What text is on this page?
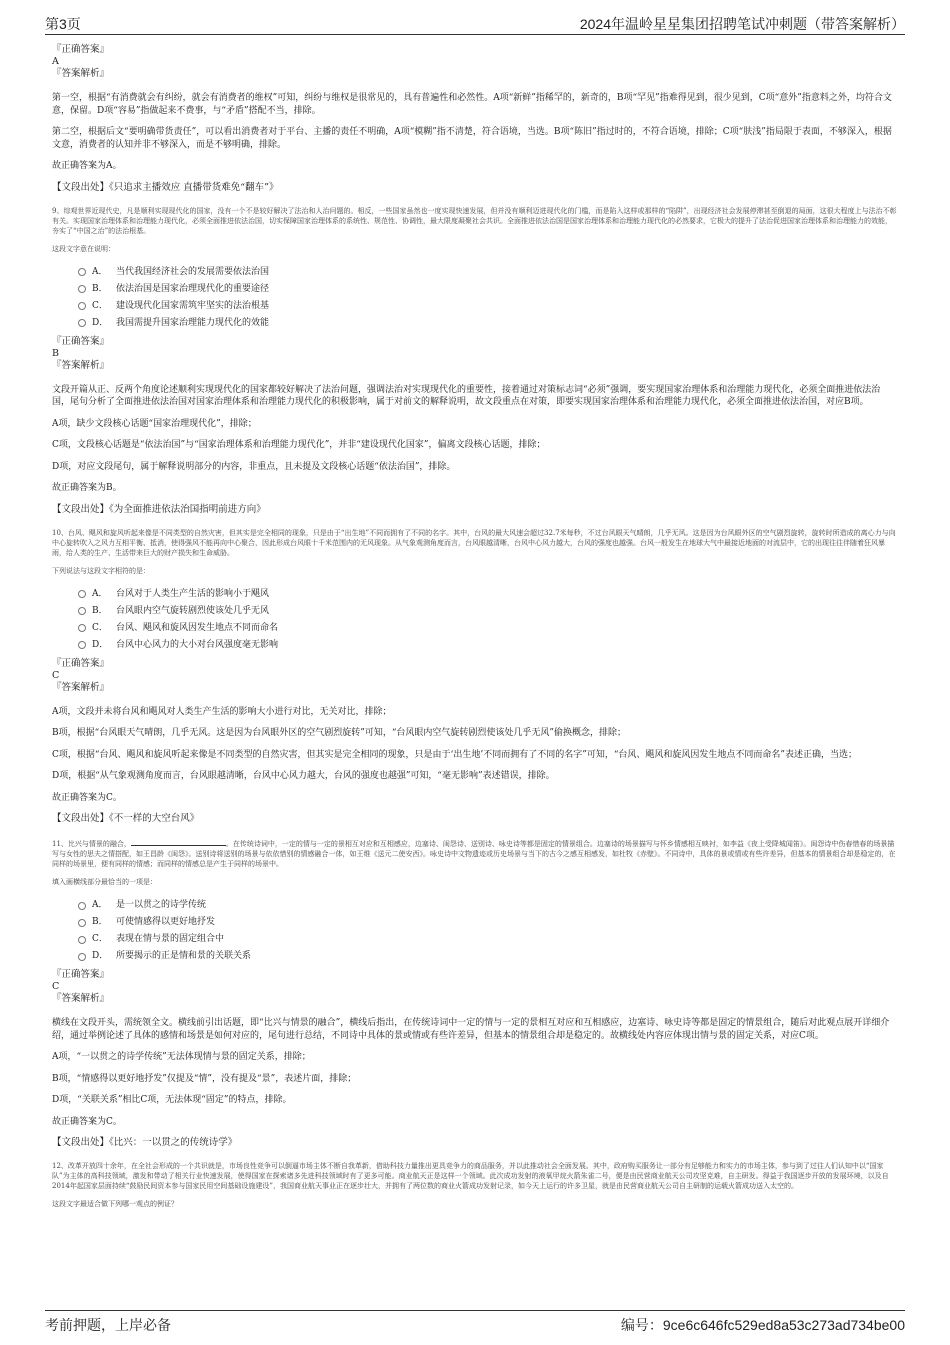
第3页	2024年温岭星星集团招聘笔试冲刺题（带答案解析）

『正确答案』

A

『答案解析』

第一空，根据“有消费就会有纠纷，就会有消费者的维权”可知，纠纷与维权是很常见的，具有普遍性和必然性。A项“新鲜”指稀罕的，新奇的，B项“罕见”指难得见到，很少见到，C项“意外”指意料之外，均符合文意，保留。D项“容易”指做起来不费事，与“矛盾”搭配不当，排除。

第二空，根据后文“要明确带货责任”，可以看出消费者对于平台、主播的责任不明确，A项“模糊”指不清楚，符合语境，当选。B项“陈旧”指过时的，不符合语境，排除；C项“肤浅”指局限于表面，不够深入，根据文意，消费者的认知并非不够深入，而是不够明确，排除。

故正确答案为A。

【文段出处】《只追求主播效应 直播带货难免“翻车”》

9、综观世界近现代史，凡是顺利实现现代化的国家，没有一个不是较好解决了法治和人治问题的。相反，一些国家虽然也一度实现快速发展，但并没有顺利迈进现代化的门槛，而是陷入这样或那样的“陷阱”，出现经济社会发展停滞甚至倒退的局面，这很大程度上与法治不彰有关。实现国家治理体系和治理能力现代化，必须全面推进依法治国，切实保障国家治理体系的系统性、规范性、协调性，最大限度凝聚社会共识。全面推进依法治国是国家治理体系和治理能力现代化的必然要求，它极大的提升了法治促进国家治理体系和治理能力的效能，夯实了“中国之治”的法治根基。

这段文字意在说明：

A． 当代我国经济社会的发展需要依法治国
B． 依法治国是国家治理现代化的重要途径
C． 建设现代化国家需筑牢坚实的法治根基
D． 我国需提升国家治理能力现代化的效能

『正确答案』

B

『答案解析』

文段开篇从正、反两个角度论述顺利实现现代化的国家都较好解决了法治问题，强调法治对实现现代化的重要性，接着通过对策标志词“必须”强调，要实现国家治理体系和治理能力现代化，必须全面推进依法治国，尾句分析了全面推进依法治国对国家治理体系和治理能力现代化的积极影响，属于对前文的解释说明，故文段重点在对策，即要实现国家治理体系和治理能力现代化，必须全面推进依法治国，对应B项。

A项，缺少文段核心话题“国家治理现代化”，排除；

C项，文段核心话题是“依法治国”与“国家治理体系和治理能力现代化”，并非“建设现代化国家”，偏离文段核心话题，排除；

D项，对应文段尾句，属于解释说明部分的内容，非重点，且未提及文段核心话题“依法治国”，排除。

故正确答案为B。

【文段出处】《为全面推进依法治国指明前进方向》

10、台风、飓风和旋风听起来像是不同类型的自然灾害，但其实是完全相同的现象，只是由于“出生地”不同而拥有了不同的名字。其中，台风的最大风速会超过32.7米每秒，不过台风眼天气晴朗，几乎无风。这是因为台风眼外区的空气剧烈旋转，旋转时所造成的离心力与向中心旋转吹入之风力互相平衡、抵消，使得强风不能再向中心聚合，因此形成台风眼十千米范围内的无风现象。从气象观测角度而言，台风眼越清晰，台风中心风力越大，台风的强度也越强。台风一般发生在地球大气中最接近地面的对流层中，它的出现往往伴随着狂风暴雨，给人类的生产、生活带来巨大的财产损失和生命威胁。

下列说法与这段文字相符的是：

A． 台风对于人类生产生活的影响小于飓风
B． 台风眼内空气旋转剧烈使该处几乎无风
C． 台风、飓风和旋风因发生地点不同而命名
D． 台风中心风力的大小对台风强度毫无影响

『正确答案』

C

『答案解析』

A项，文段并未将台风和飓风对人类生产生活的影响大小进行对比，无关对比，排除；

B项，根据“台风眼天气晴朗，几乎无风。这是因为台风眼外区的空气剧烈旋转”可知，“台风眼内空气旋转剧烈使该处几乎无风”偷换概念，排除；

C项，根据“台风、飓风和旋风听起来像是不同类型的自然灾害，但其实是完全相同的现象，只是由于‘出生地’不同而拥有了不同的名字”可知，“台风、飓风和旋风因发生地点不同而命名”表述正确，当选；

D项，根据“从气象观测角度而言，台风眼越清晰，台风中心风力越大，台风的强度也越强”可知，“毫无影响”表述错误，排除。

故正确答案为C。

【文段出处】《不一样的大空台风》

11、比兴与情景的融合，	。在传统诗词中，一定的情与一定的景相互对应和互相感应，边塞诗、闺怨诗、送别诗、咏史诗等都是固定的情景组合。边塞诗的场景描写与怀乡情感相互映衬，如李益《夜上受降城闻笛》。闺怨诗中伤春惜春的场景描写与女性的思夫之情搭配，如王昌龄《闺怨》。送别诗将送别的场景与依依惜别的情感融合一体，如王维《送元二使安西》。咏史诗中文物遗迹或历史场景与当下的古今之感互相感发，如杜牧《赤壁》。不同诗中，具体的景或情或有些许差异，但基本的情景组合却是稳定的，在同样的场景里，便有同样的情感；而同样的情感总是产生于同样的场景中。

填入画横线部分最恰当的一项是：

A． 是一以贯之的诗学传统
B． 可使情感得以更好地抒发
C． 表现在情与景的固定组合中
D． 所要揭示的正是情和景的关联关系

『正确答案』

C

『答案解析』

横线在文段开头，需统领全文。横线前引出话题，即“比兴与情景的融合”，横线后指出，在传统诗词中一定的情与一定的景相互对应和互相感应，边塞诗、咏史诗等都是固定的情景组合，随后对此观点展开详细介绍，通过举例论述了具体的感情和场景是如何对应的，尾句进行总结，不同诗中具体的景或情或有些许差异，但基本的情景组合却是稳定的。故横线处内容应体现出情与景的固定关系，对应C项。

A项，“一以贯之的诗学传统”无法体现情与景的固定关系，排除；

B项，“情感得以更好地抒发”仅提及“情”，没有提及“景”，表述片面，排除；

D项，“关联关系”相比C项，无法体现“固定”的特点，排除。

故正确答案为C。

【文段出处】《比兴：一以贯之的传统诗学》

12、改革开放四十余年，在全社会形成的一个共识就是，市场良性竞争可以倒逼市场主体不断自我革新，借助科技力量推出更具竞争力的商品服务，并以此推动社会全面发展。其中，政府购买服务让一部分有足够能力和实力的市场主体，参与到了过往人们认知中以“国家队”为主体的高科技领域，激发和带动了相关行业快速发展，使得国家在探索诸多先进科技领域时有了更多可能。商业航天正是这样一个领域。此次成功发射的液氧甲烷火箭朱雀二号，便是由民营商业航天公司攻坚克难，自主研发。得益于我国逐步开放的发展环境，以及自2014年起国家层面持续“鼓励民间资本参与国家民用空间基础设施建设”，我国商业航天事业正在逐步壮大，并拥有了两位数的商业火箭成功发射记录，如今天上运行的许多卫星，就是由民营商业航天公司自主研制的运载火箭成功送入太空的。

这段文字最适合做下列哪一观点的例证？

考前押题，上岸必备	编号：9ce6c646fc529ed8a53c273ad734be00
